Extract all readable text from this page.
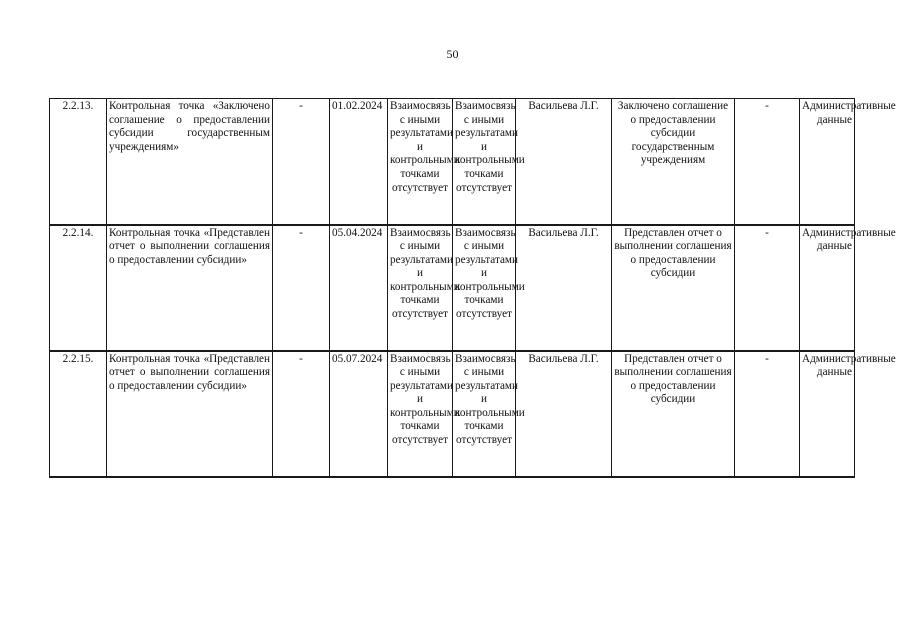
50
2.2.13.	Контрольная точка «Заключено соглашение о предоставлении субсидии государственным учреждениям»	-	01.02.2024	Взаимосвязь с иными результатами и контрольными точками отсутствует	Взаимосвязь с иными результатами и контрольными точками отсутствует	Васильева Л.Г.	Заключено соглашение о предоставлении субсидии государственным учреждениям	-	Административные данные

2.2.14.	Контрольная точка «Представлен отчет о выполнении соглашения о предоставлении субсидии»	-	05.04.2024	Взаимосвязь с иными результатами и контрольными точками отсутствует	Взаимосвязь с иными результатами и контрольными точками отсутствует	Васильева Л.Г.	Представлен отчет о выполнении соглашения о предоставлении субсидии	-	Административные данные

2.2.15.	Контрольная точка «Представлен отчет о выполнении соглашения о предоставлении субсидии»	-	05.07.2024	Взаимосвязь с иными результатами и контрольными точками отсутствует	Взаимосвязь с иными результатами и контрольными точками отсутствует	Васильева Л.Г.	Представлен отчет о выполнении соглашения о предоставлении субсидии	-	Административные данные
